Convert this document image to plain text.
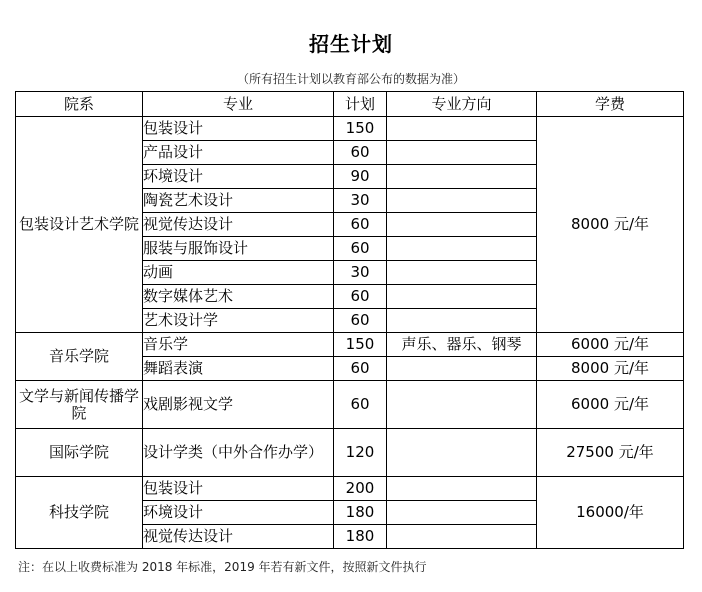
招生计划
（所有招生计划以教育部公布的数据为准）
院系	专业	计划	专业方向	学费
包装设计艺术学院	包装设计	150		8000 元/年
	产品设计	60		
	环境设计	90		
	陶瓷艺术设计	30		
	视觉传达设计	60		
	服装与服饰设计	60		
	动画	30		
	数字媒体艺术	60		
	艺术设计学	60		
音乐学院	音乐学	150	声乐、器乐、钢琴	6000 元/年
	舞蹈表演	60		8000 元/年
文学与新闻传播学院	戏剧影视文学	60		6000 元/年
国际学院	设计学类（中外合作办学）	120		27500 元/年
科技学院	包装设计	200		16000/年
	环境设计	180		
	视觉传达设计	180		
注：在以上收费标准为 2018 年标准，2019 年若有新文件，按照新文件执行
